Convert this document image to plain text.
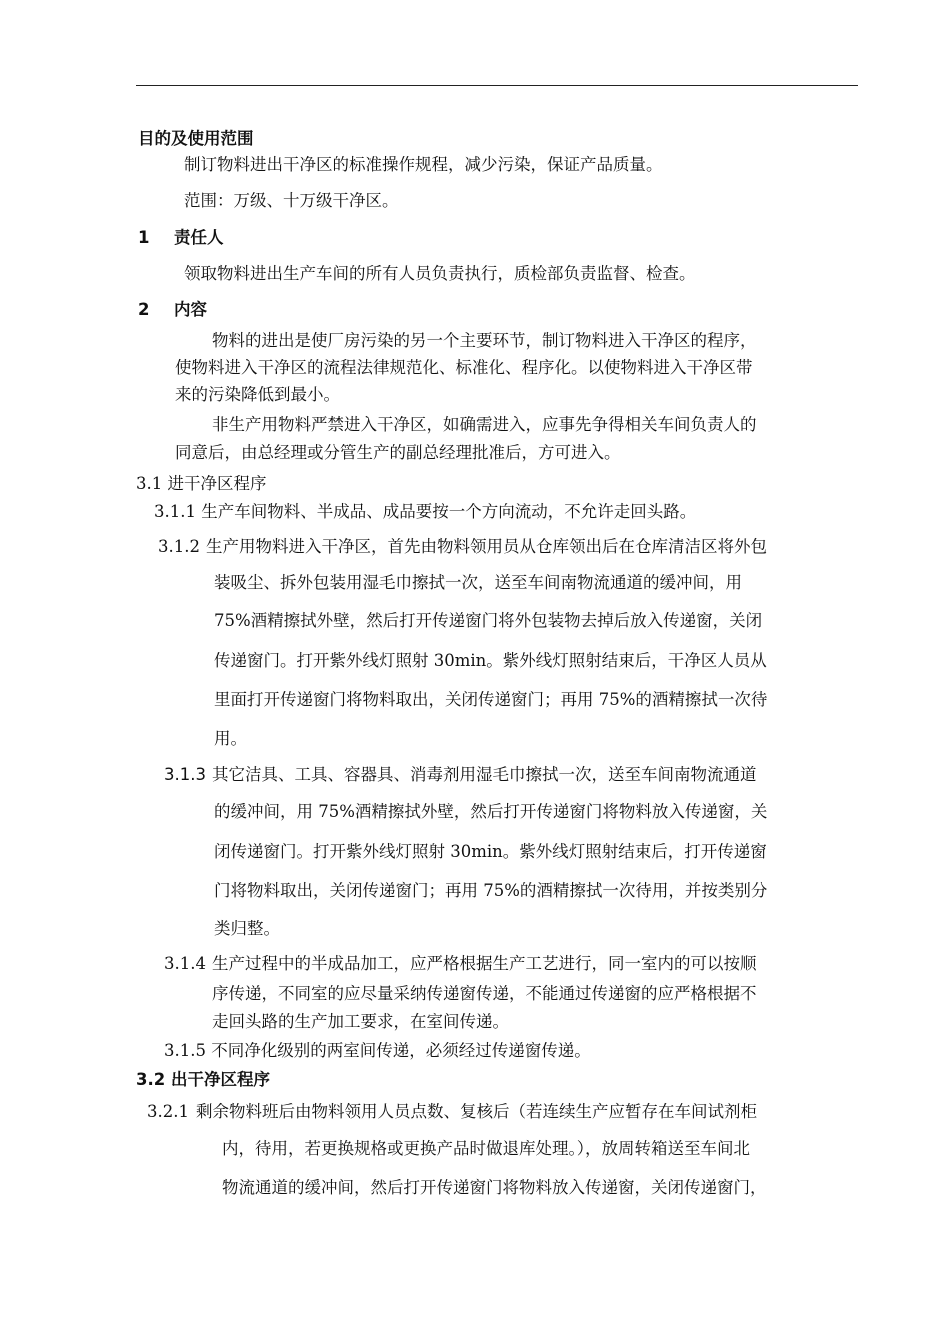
目的及使用范围
制订物料进出干净区的标准操作规程，减少污染，保证产品质量。
范围：万级、十万级干净区。
1 责任人
领取物料进出生产车间的所有人员负责执行，质检部负责监督、检查。
2 内容
物料的进出是使厂房污染的另一个主要环节，制订物料进入干净区的程序，
使物料进入干净区的流程法律规范化、标准化、程序化。以使物料进入干净区带
来的污染降低到最小。
非生产用物料严禁进入干净区，如确需进入，应事先争得相关车间负责人的
同意后，由总经理或分管生产的副总经理批准后，方可进入。
3.1 进干净区程序
3.1.1 生产车间物料、半成品、成品要按一个方向流动，不允许走回头路。
3.1.2 生产用物料进入干净区，首先由物料领用员从仓库领出后在仓库清洁区将外包
装吸尘、拆外包装用湿毛巾擦拭一次，送至车间南物流通道的缓冲间，用
75%酒精擦拭外壁，然后打开传递窗门将外包装物去掉后放入传递窗，关闭
传递窗门。打开紫外线灯照射 30min。紫外线灯照射结束后，干净区人员从
里面打开传递窗门将物料取出，关闭传递窗门；再用 75%的酒精擦拭一次待
用。
3.1.3 其它洁具、工具、容器具、消毒剂用湿毛巾擦拭一次，送至车间南物流通道
的缓冲间，用 75%酒精擦拭外壁，然后打开传递窗门将物料放入传递窗，关
闭传递窗门。打开紫外线灯照射 30min。紫外线灯照射结束后，打开传递窗
门将物料取出，关闭传递窗门；再用 75%的酒精擦拭一次待用，并按类别分
类归整。
3.1.4 生产过程中的半成品加工，应严格根据生产工艺进行，同一室内的可以按顺
序传递，不同室的应尽量采纳传递窗传递，不能通过传递窗的应严格根据不
走回头路的生产加工要求，在室间传递。
3.1.5 不同净化级别的两室间传递，必须经过传递窗传递。
3.2 出干净区程序
3.2.1 剩余物料班后由物料领用人员点数、复核后（若连续生产应暂存在车间试剂柜
内，待用，若更换规格或更换产品时做退库处理。），放周转箱送至车间北
物流通道的缓冲间，然后打开传递窗门将物料放入传递窗，关闭传递窗门，
